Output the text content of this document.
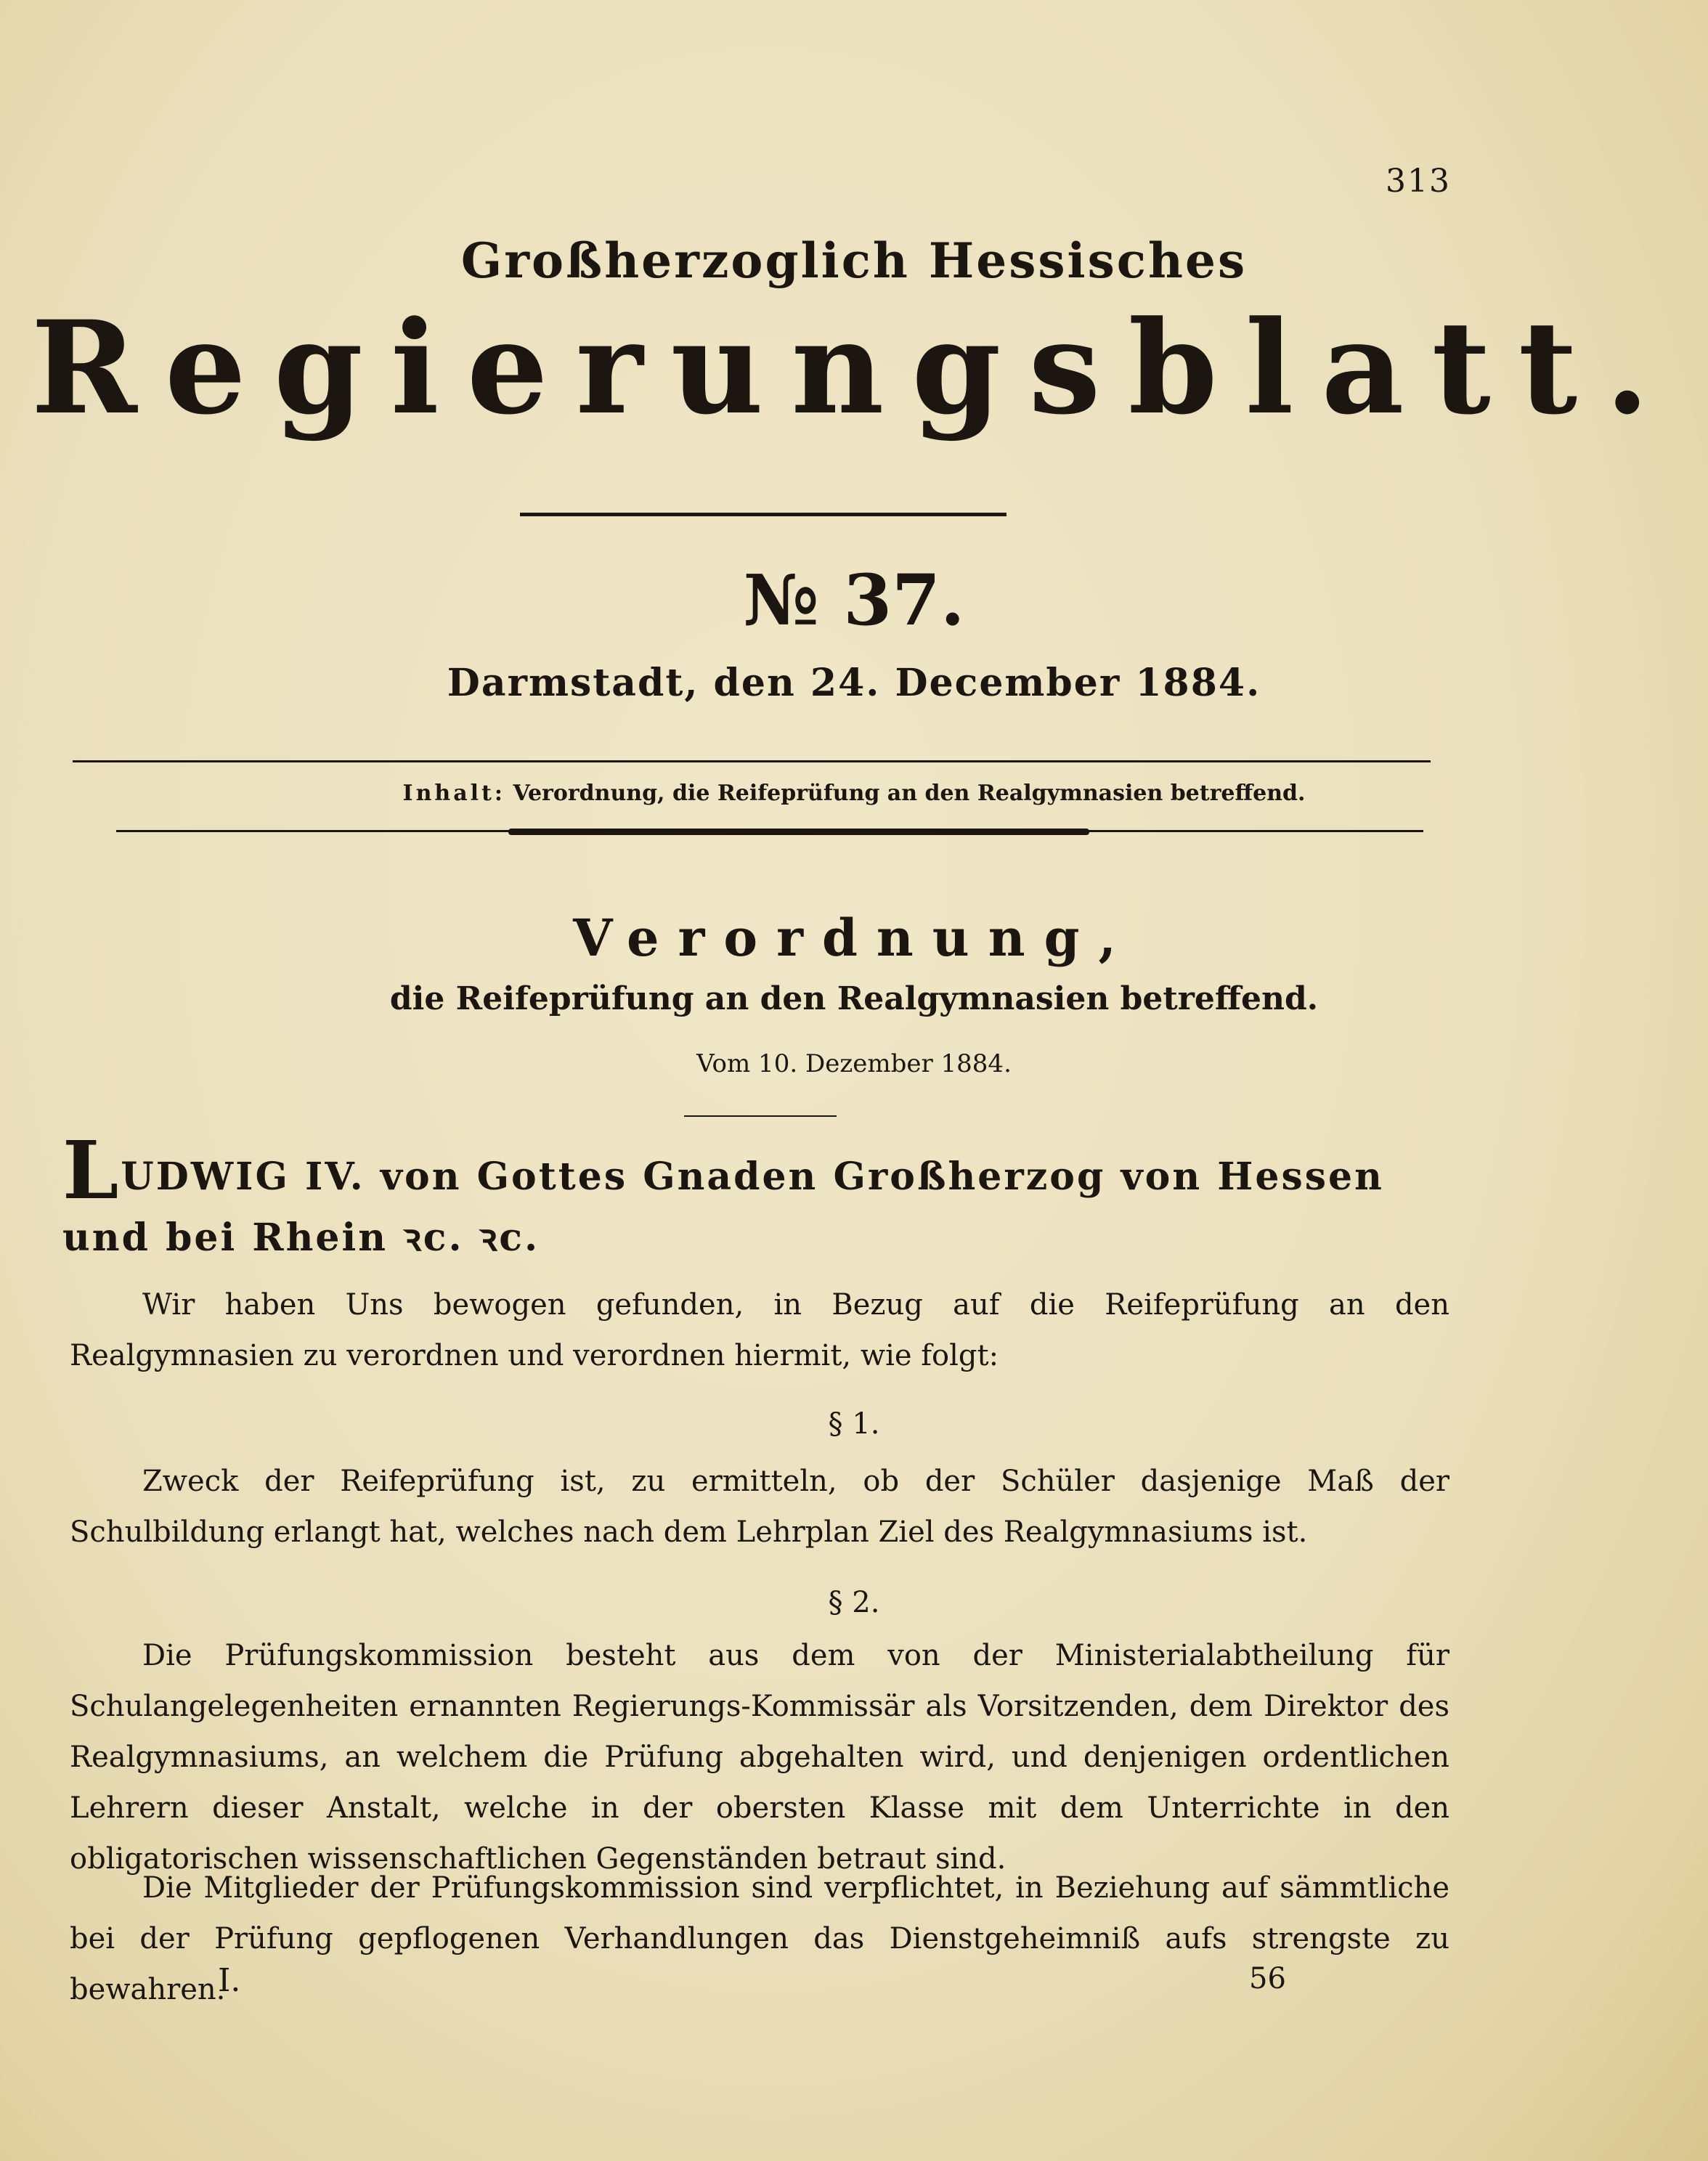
313
Großherzoglich Hessisches
Regierungsblatt.
№ 37.
Darmstadt, den 24. December 1884.
Inhalt: Verordnung, die Reifeprüfung an den Realgymnasien betreffend.
Verordnung,
die Reifeprüfung an den Realgymnasien betreffend.
Vom 10. Dezember 1884.
LUDWIG IV. von Gottes Gnaden Großherzog von Hessen und bei Rhein ꝛc. ꝛc.
Wir haben Uns bewogen gefunden, in Bezug auf die Reifeprüfung an den Realgymnasien zu verordnen und verordnen hiermit, wie folgt:
§ 1.
Zweck der Reifeprüfung ist, zu ermitteln, ob der Schüler dasjenige Maß der Schulbildung erlangt hat, welches nach dem Lehrplan Ziel des Realgymnasiums ist.
§ 2.
Die Prüfungskommission besteht aus dem von der Ministerialabtheilung für Schulangelegenheiten ernannten Regierungs-Kommissär als Vorsitzenden, dem Direktor des Realgymnasiums, an welchem die Prüfung abgehalten wird, und denjenigen ordentlichen Lehrern dieser Anstalt, welche in der obersten Klasse mit dem Unterrichte in den obligatorischen wissenschaftlichen Gegenständen betraut sind.
Die Mitglieder der Prüfungskommission sind verpflichtet, in Beziehung auf sämmtliche bei der Prüfung gepflogenen Verhandlungen das Dienstgeheimniß aufs strengste zu bewahren.
I.	56
